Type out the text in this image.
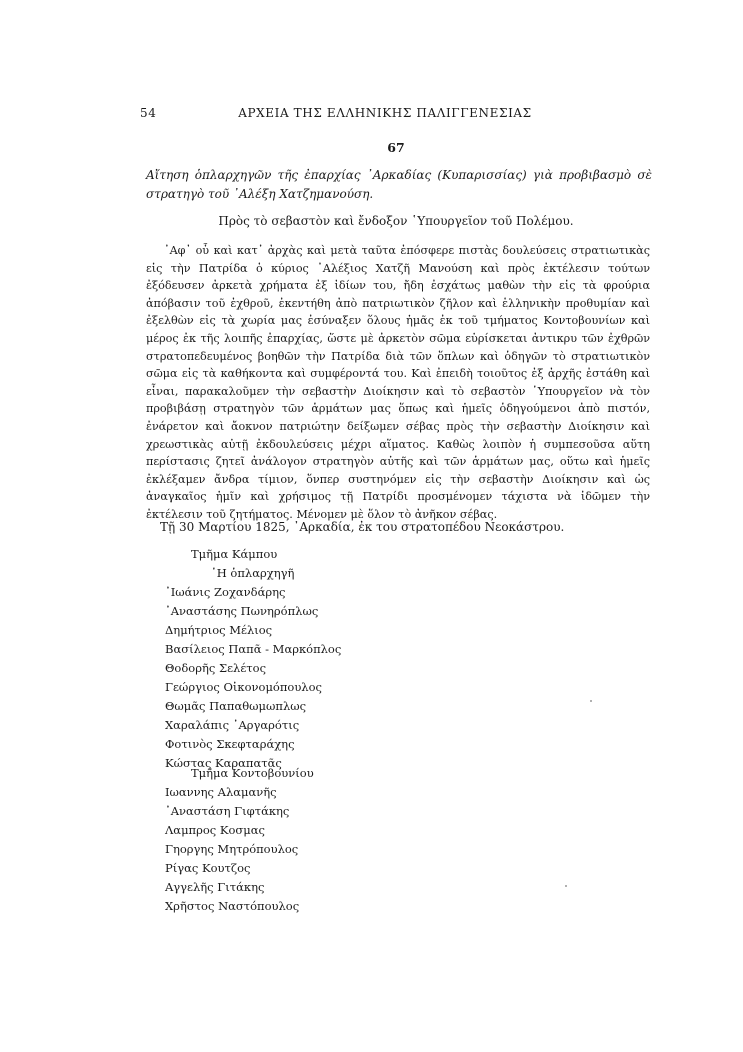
54	ΑΡΧΕΙΑ ΤΗΣ ΕΛΛΗΝΙΚΗΣ ΠΑΛΙΓΓΕΝΕΣΙΑΣ
67
Αἴτηση ὁπλαρχηγῶν τῆς ἐπαρχίας ᾿Αρκαδίας (Κυπαρισσίας) γιὰ προβιβασμὸ σὲ στρατηγὸ τοῦ ᾿Αλέξη Χατζημανούση.
Πρὸς τὸ σεβαστὸν καὶ ἔνδοξον ῾Υπουργεῖον τοῦ Πολέμου.

᾿Αφ᾿ οὗ καὶ κατ᾿ ἀρχὰς καὶ μετὰ ταῦτα ἐπόσφερε πιστὰς δουλεύσεις στρατιωτικὰς εἰς τὴν Πατρίδα ὁ κύριος ᾿Αλέξιος Χατζῆ Μανούση καὶ πρὸς ἐκτέλεσιν τούτων ἐξόδευσεν ἀρκετὰ χρήματα ἐξ ἰδίων του, ἤδη ἐσχάτως μαθὼν τὴν εἰς τὰ φρούρια ἀπόβασιν τοῦ ἐχθροῦ, ἐκεντήθη ἀπὸ πατριωτικὸν ζῆλον καὶ ἑλληνικὴν προθυμίαν καὶ ἐξελθὼν εἰς τὰ χωρία μας ἐσύναξεν ὅλους ἡμᾶς ἐκ τοῦ τμήματος Κοντοβουνίων καὶ μέρος ἐκ τῆς λοιπῆς ἐπαρχίας, ὥστε μὲ ἀρκετὸν σῶμα εὑρίσκεται ἀντικρυ τῶν ἐχθρῶν στρατοπεδευμένος βοηθῶν τὴν Πατρίδα διὰ τῶν ὅπλων καὶ ὁδηγῶν τὸ στρατιωτικὸν σῶμα εἰς τὰ καθήκοντα καὶ συμφέροντά του. Καὶ ἐπειδὴ τοιοῦτος ἐξ ἀρχῆς ἐστάθη καὶ εἶναι, παρακαλοῦμεν τὴν σεβαστὴν Διοίκησιν καὶ τὸ σεβαστὸν ῾Υπουργεῖον νὰ τὸν προβιβάσῃ στρατηγὸν τῶν ἁρμάτων μας ὅπως καὶ ἡμεῖς ὁδηγούμενοι ἀπὸ πιστόν, ἐνάρετον καὶ ἄοκνον πατριώτην δείξωμεν σέβας πρὸς τὴν σεβαστὴν Διοίκησιν καὶ χρεωστικὰς αὐτῇ ἐκδουλεύσεις μέχρι αἵματος. Καθὼς λοιπὸν ἡ συμπεσοῦσα αὕτη περίστασις ζητεῖ ἀνάλογον στρατηγὸν αὐτῆς καὶ τῶν ἁρμάτων μας, οὕτω καὶ ἡμεῖς ἐκλέξαμεν ἄνδρα τίμιον, ὅνπερ συστηνόμεν εἰς τὴν σεβαστὴν Διοίκησιν καὶ ὡς ἀναγκαῖος ἡμῖν καὶ χρήσιμος τῇ Πατρίδι προσμένομεν τάχιστα νὰ ἰδῶμεν τὴν ἐκτέλεσιν τοῦ ζητήματος. Μένομεν μὲ ὅλον τὸ ἀνῆκον σέβας.

Τῇ 30 Μαρτίου 1825, ᾿Αρκαδία, ἐκ του στρατοπέδου Νεοκάστρου.
Τμῆμα Κάμπου
῾Η ὁπλαρχηγῆ
᾿Ιωάνις Ζοχανδάρης
᾿Αναστάσης Πωνηρόπλως
Δημήτριος Μέλιος
Βασίλειος Παπᾶ - Μαρκόπλος
Θοδορῆς Σελέτος
Γεώργιος Οἰκονομόπουλος
Θωμᾶς Παπαθωμωπλως
Χαραλάπις ᾿Αργαρότις
Φοτινὸς Σκεφταράχης
Κώστας Καραπατᾶς
Τμῆμα Κοντοβουνίου
Ιωαννης Αλαμανῆς
᾿Αναστάση Γιφτάκης
Λαμπρος Κοσμας
Γηοργης Μητρόπουλος
Ρίγας Κουτζος
Αγγελῆς Γιτάκης
Χρῆστος Ναστόπουλος
